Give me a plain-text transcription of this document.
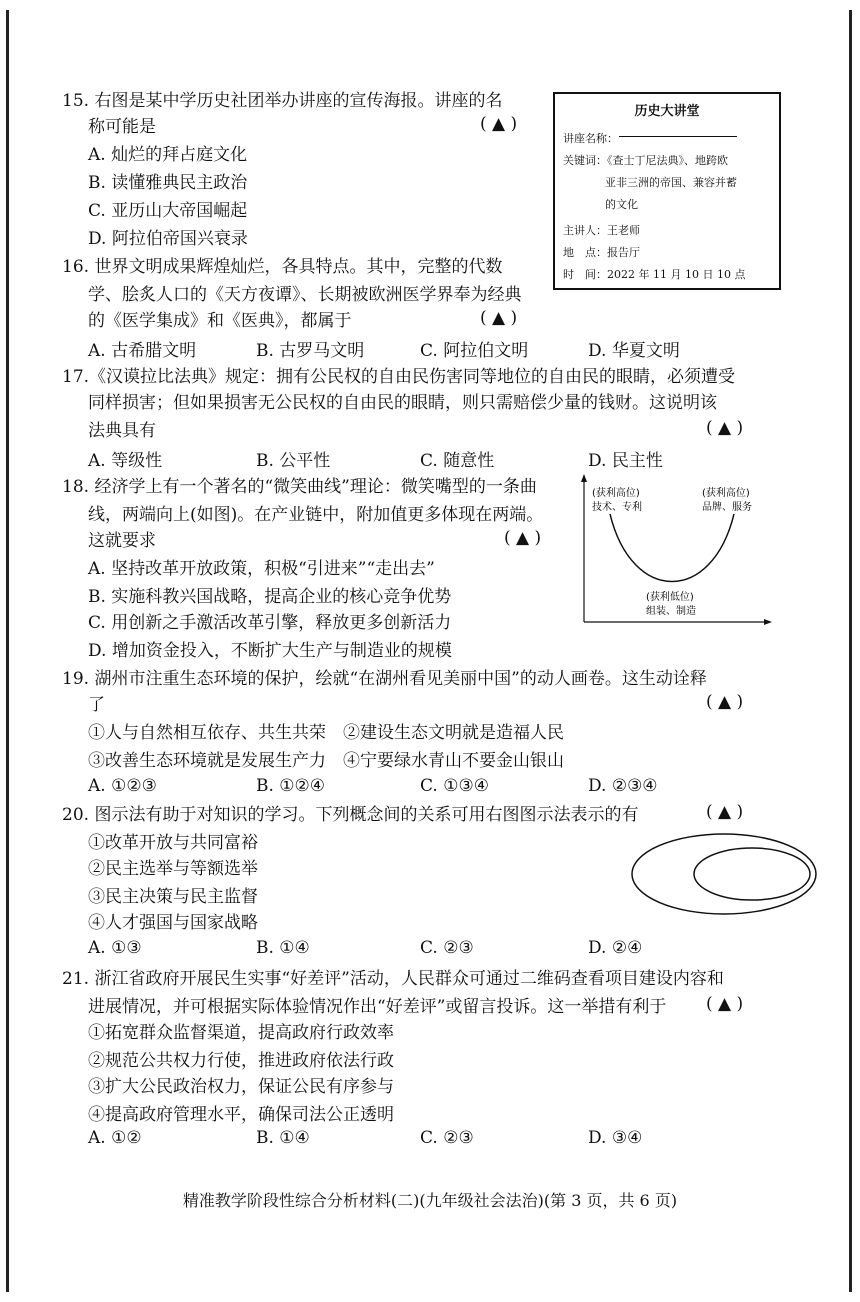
15. 右图是某中学历史社团举办讲座的宣传海报。讲座的名
称可能是	( ▲ )
A. 灿烂的拜占庭文化
B. 读懂雅典民主政治
C. 亚历山大帝国崛起
D. 阿拉伯帝国兴衰录
历史大讲堂
讲座名称：
关键词：《查士丁尼法典》、地跨欧
亚非三洲的帝国、兼容并蓄
的文化
主讲人：王老师
地　点：报告厅
时　间：2022 年 11 月 10 日 10 点
16. 世界文明成果辉煌灿烂，各具特点。其中，完整的代数
学、脍炙人口的《天方夜谭》、长期被欧洲医学界奉为经典
的《医学集成》和《医典》，都属于	( ▲ )
A. 古希腊文明	B. 古罗马文明	C. 阿拉伯文明	D. 华夏文明
17.《汉谟拉比法典》规定：拥有公民权的自由民伤害同等地位的自由民的眼睛，必须遭受
同样损害；但如果损害无公民权的自由民的眼睛，则只需赔偿少量的钱财。这说明该
法典具有	( ▲ )
A. 等级性	B. 公平性	C. 随意性	D. 民主性
18. 经济学上有一个著名的“微笑曲线”理论：微笑嘴型的一条曲
线，两端向上(如图)。在产业链中，附加值更多体现在两端。
这就要求	( ▲ )
A. 坚持改革开放政策，积极“引进来”“走出去”
B. 实施科教兴国战略，提高企业的核心竞争优势
C. 用创新之手激活改革引擎，释放更多创新活力
D. 增加资金投入，不断扩大生产与制造业的规模
(获利高位)
技术、专利
(获利高位)
品牌、服务
(获利低位)
组装、制造
19. 湖州市注重生态环境的保护，绘就“在湖州看见美丽中国”的动人画卷。这生动诠释
了	( ▲ )
①人与自然相互依存、共生共荣　②建设生态文明就是造福人民
③改善生态环境就是发展生产力　④宁要绿水青山不要金山银山
A. ①②③	B. ①②④	C. ①③④	D. ②③④
20. 图示法有助于对知识的学习。下列概念间的关系可用右图图示法表示的有	( ▲ )
①改革开放与共同富裕
②民主选举与等额选举
③民主决策与民主监督
④人才强国与国家战略
A. ①③	B. ①④	C. ②③	D. ②④
21. 浙江省政府开展民生实事“好差评”活动，人民群众可通过二维码查看项目建设内容和
进展情况，并可根据实际体验情况作出“好差评”或留言投诉。这一举措有利于 ( ▲ )
①拓宽群众监督渠道，提高政府行政效率
②规范公共权力行使，推进政府依法行政
③扩大公民政治权力，保证公民有序参与
④提高政府管理水平，确保司法公正透明
A. ①②	B. ①④	C. ②③	D. ③④
精准教学阶段性综合分析材料(二)(九年级社会法治)(第 3 页，共 6 页)
